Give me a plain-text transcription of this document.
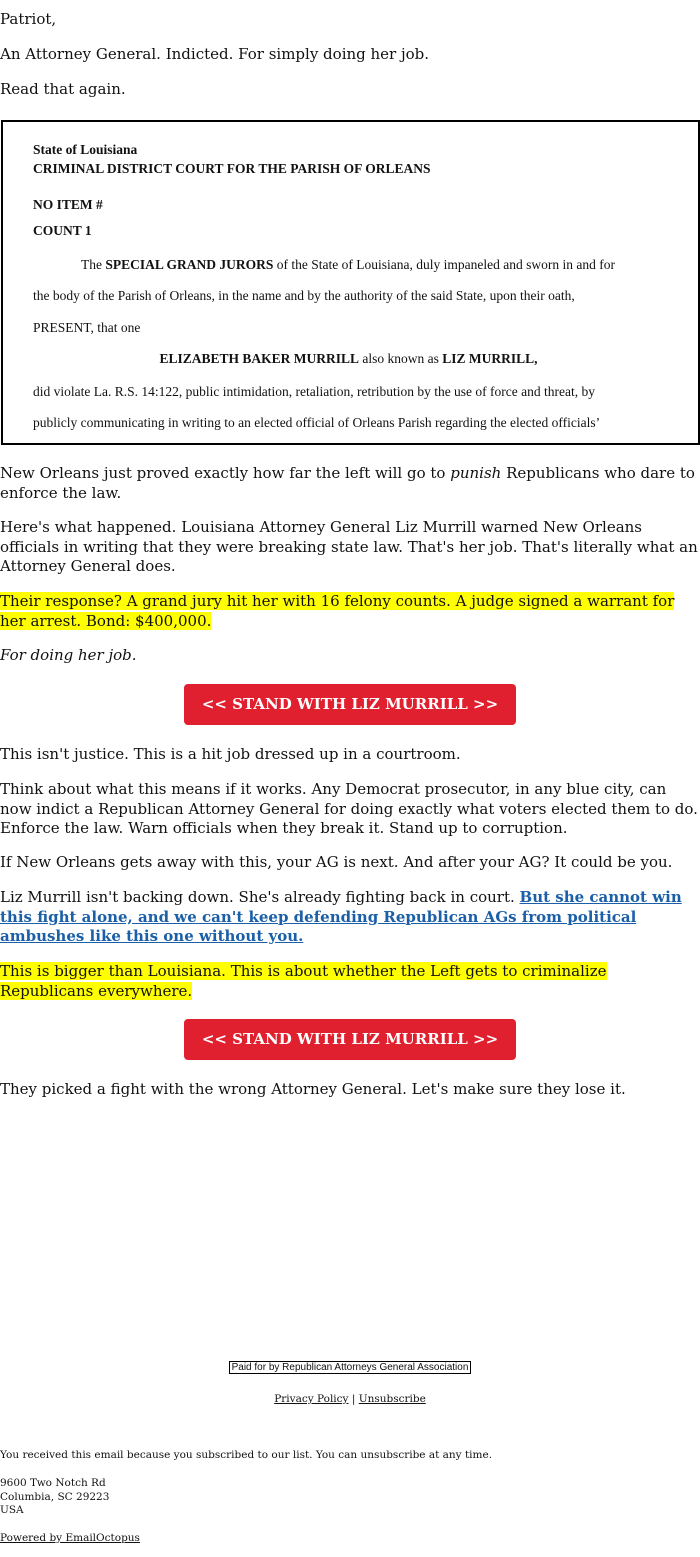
Patriot,

An Attorney General. Indicted. For simply doing her job.

Read that again.

State of Louisiana
CRIMINAL DISTRICT COURT FOR THE PARISH OF ORLEANS
NO ITEM #
COUNT 1
The SPECIAL GRAND JURORS of the State of Louisiana, duly impaneled and sworn in and for
the body of the Parish of Orleans, in the name and by the authority of the said State, upon their oath,
PRESENT, that one
ELIZABETH BAKER MURRILL also known as LIZ MURRILL,
did violate La. R.S. 14:122, public intimidation, retaliation, retribution by the use of force and threat, by
publicly communicating in writing to an elected official of Orleans Parish regarding the elected officials’

New Orleans just proved exactly how far the left will go to punish Republicans who dare to enforce the law.

Here's what happened. Louisiana Attorney General Liz Murrill warned New Orleans officials in writing that they were breaking state law. That's her job. That's literally what an Attorney General does.

Their response? A grand jury hit her with 16 felony counts. A judge signed a warrant for her arrest. Bond: $400,000.

For doing her job.

<< STAND WITH LIZ MURRILL >>

This isn't justice. This is a hit job dressed up in a courtroom.

Think about what this means if it works. Any Democrat prosecutor, in any blue city, can now indict a Republican Attorney General for doing exactly what voters elected them to do. Enforce the law. Warn officials when they break it. Stand up to corruption.

If New Orleans gets away with this, your AG is next. And after your AG? It could be you.

Liz Murrill isn't backing down. She's already fighting back in court. But she cannot win this fight alone, and we can't keep defending Republican AGs from political ambushes like this one without you.

This is bigger than Louisiana. This is about whether the Left gets to criminalize Republicans everywhere.

<< STAND WITH LIZ MURRILL >>

They picked a fight with the wrong Attorney General. Let's make sure they lose it.

Paid for by Republican Attorneys General Association
Privacy Policy | Unsubscribe
You received this email because you subscribed to our list. You can unsubscribe at any time.
9600 Two Notch Rd
Columbia, SC 29223
USA
Powered by EmailOctopus
